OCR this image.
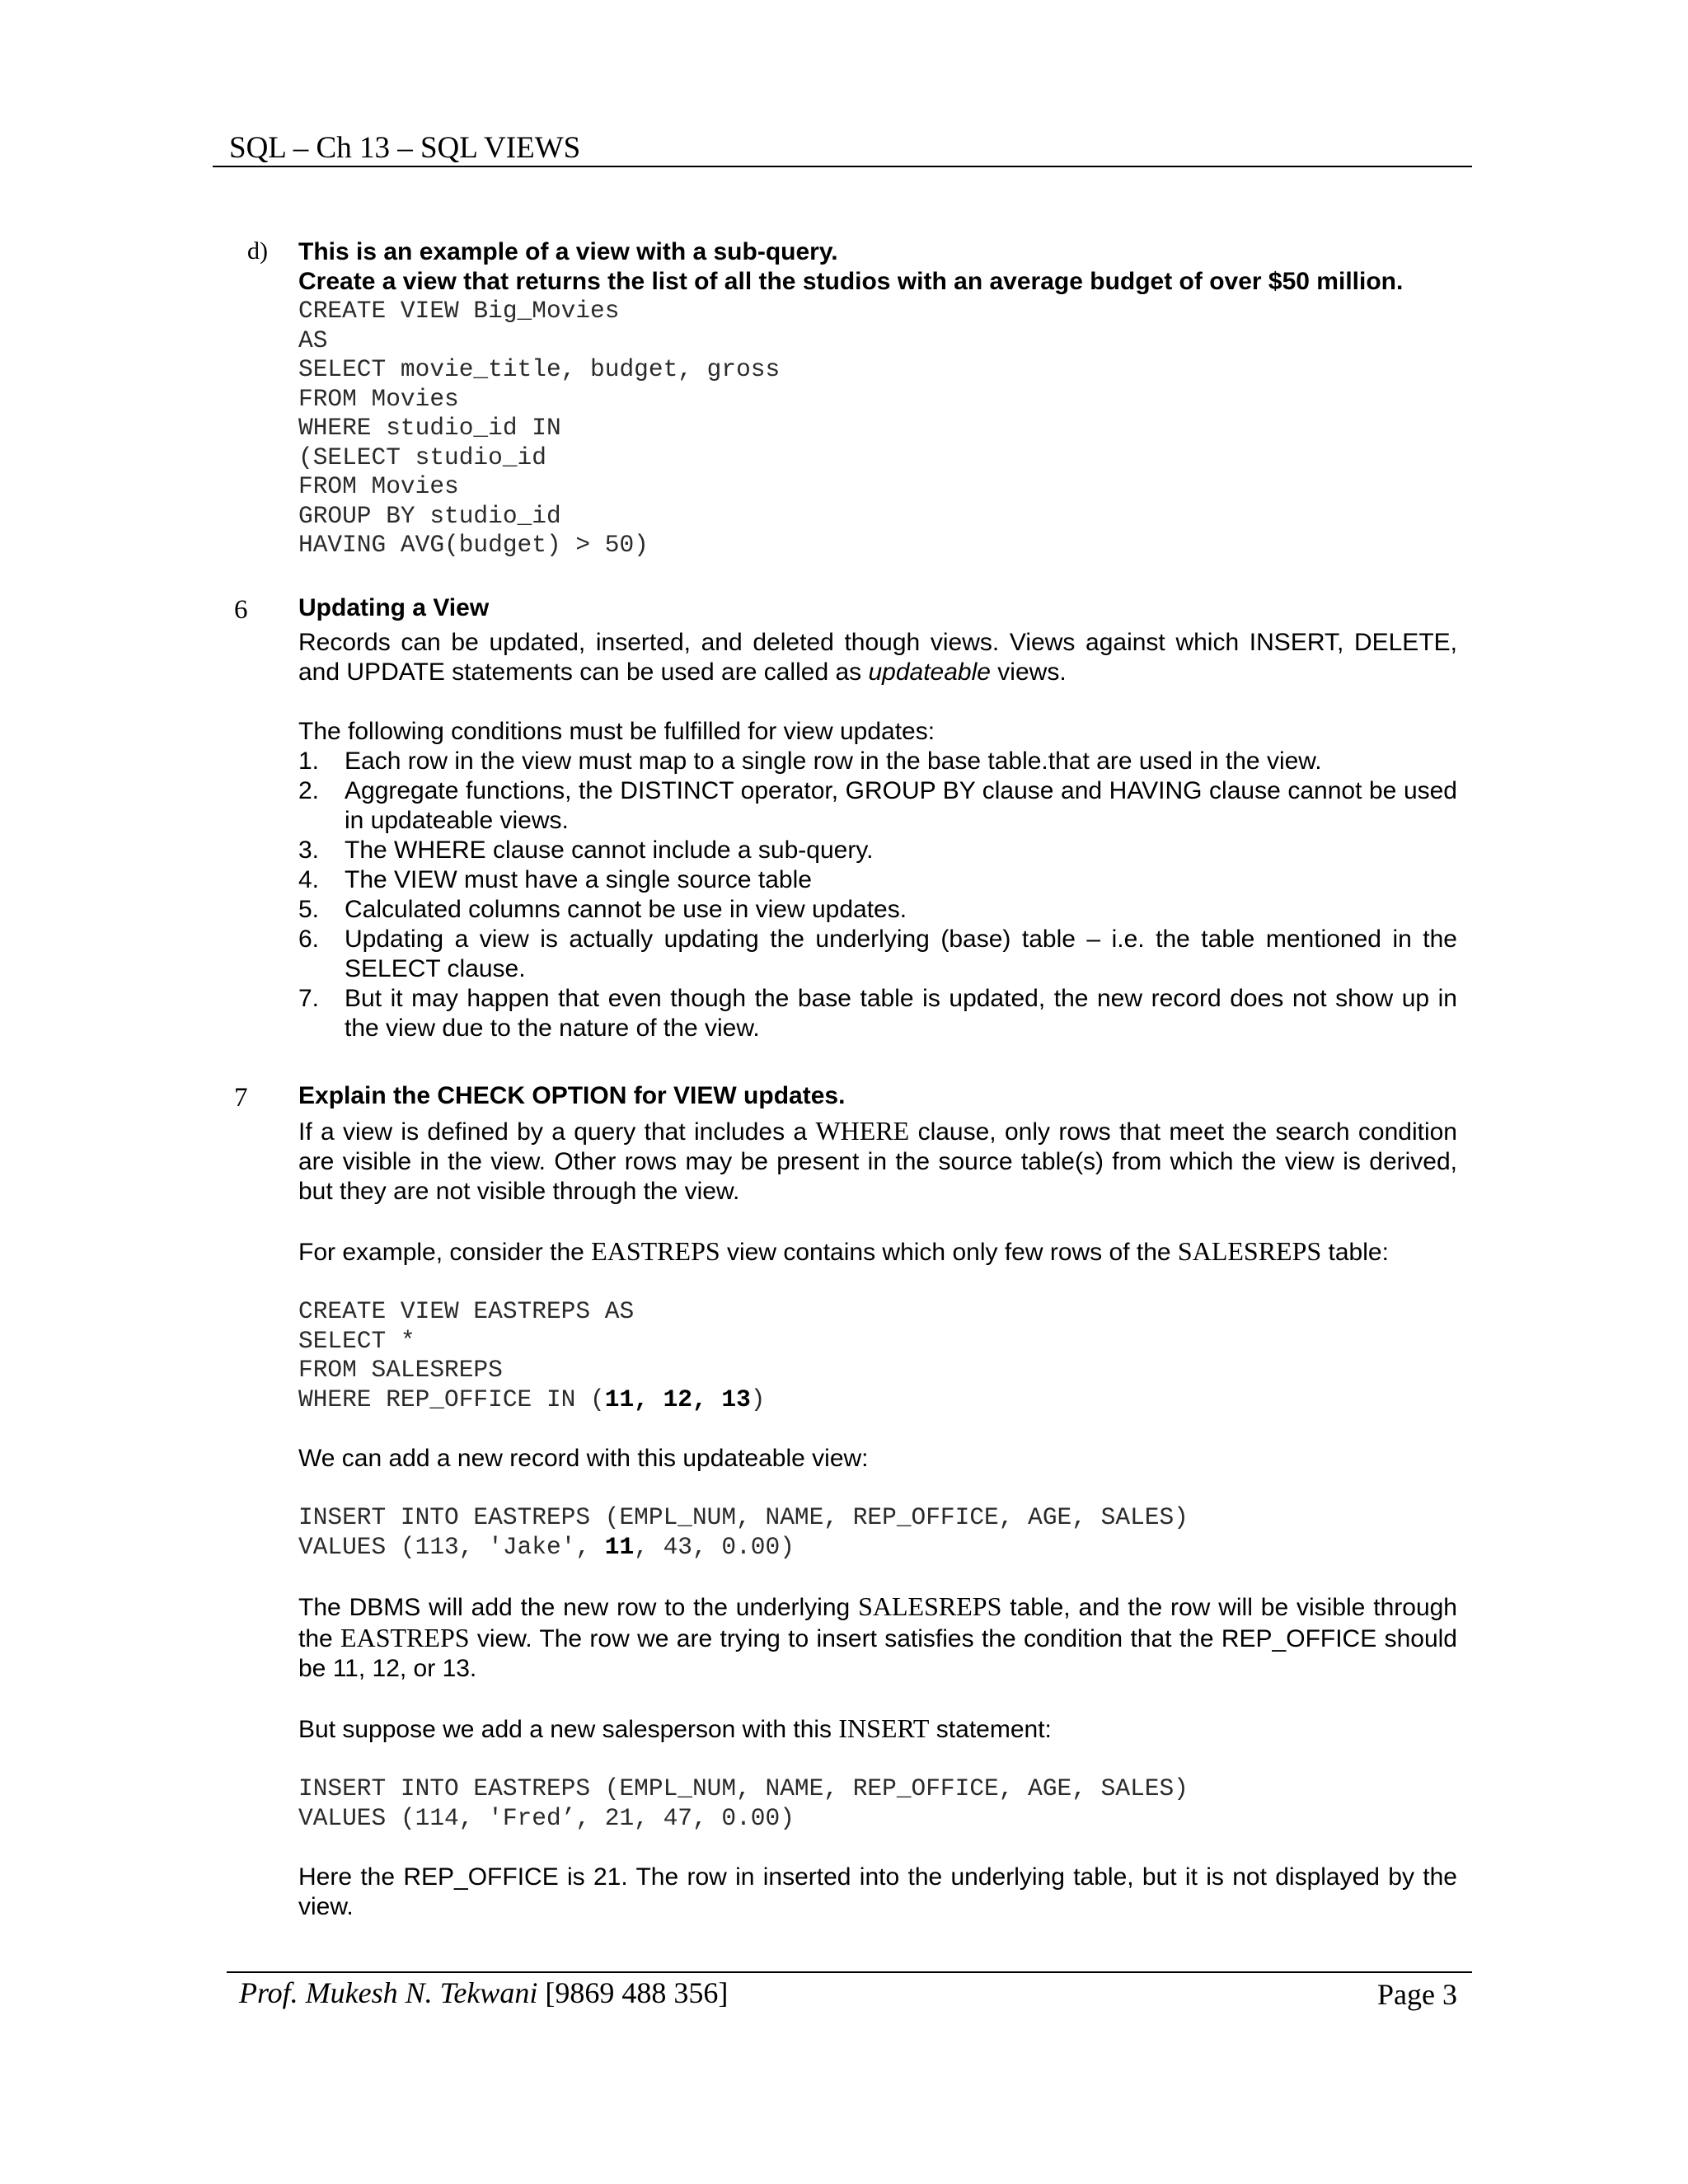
SQL – Ch 13 – SQL VIEWS
d) This is an example of a view with a sub-query.
Create a view that returns the list of all the studios with an average budget of over $50 million.
CREATE VIEW Big_Movies
AS
SELECT movie_title, budget, gross
FROM Movies
WHERE studio_id IN
(SELECT studio_id
FROM Movies
GROUP BY studio_id
HAVING AVG(budget) > 50)
6 Updating a View
Records can be updated, inserted, and deleted though views. Views against which INSERT, DELETE, and UPDATE statements can be used are called as updateable views.
The following conditions must be fulfilled for view updates:
1. Each row in the view must map to a single row in the base table.that are used in the view.
2. Aggregate functions, the DISTINCT operator, GROUP BY clause and HAVING clause cannot be used in updateable views.
3. The WHERE clause cannot include a sub-query.
4. The VIEW must have a single source table
5. Calculated columns cannot be use in view updates.
6. Updating a view is actually updating the underlying (base) table – i.e. the table mentioned in the SELECT clause.
7. But it may happen that even though the base table is updated, the new record does not show up in the view due to the nature of the view.
7 Explain the CHECK OPTION for VIEW updates.
If a view is defined by a query that includes a WHERE clause, only rows that meet the search condition are visible in the view. Other rows may be present in the source table(s) from which the view is derived, but they are not visible through the view.
For example, consider the EASTREPS view contains which only few rows of the SALESREPS table:
CREATE VIEW EASTREPS AS
SELECT *
FROM SALESREPS
WHERE REP_OFFICE IN (11, 12, 13)
We can add a new record with this updateable view:
INSERT INTO EASTREPS (EMPL_NUM, NAME, REP_OFFICE, AGE, SALES)
VALUES (113, 'Jake', 11, 43, 0.00)
The DBMS will add the new row to the underlying SALESREPS table, and the row will be visible through the EASTREPS view. The row we are trying to insert satisfies the condition that the REP_OFFICE should be 11, 12, or 13.
But suppose we add a new salesperson with this INSERT statement:
INSERT INTO EASTREPS (EMPL_NUM, NAME, REP_OFFICE, AGE, SALES)
VALUES (114, 'Fred’, 21, 47, 0.00)
Here the REP_OFFICE is 21. The row in inserted into the underlying table, but it is not displayed by the view.
Prof. Mukesh N. Tekwani [9869 488 356]	Page 3
